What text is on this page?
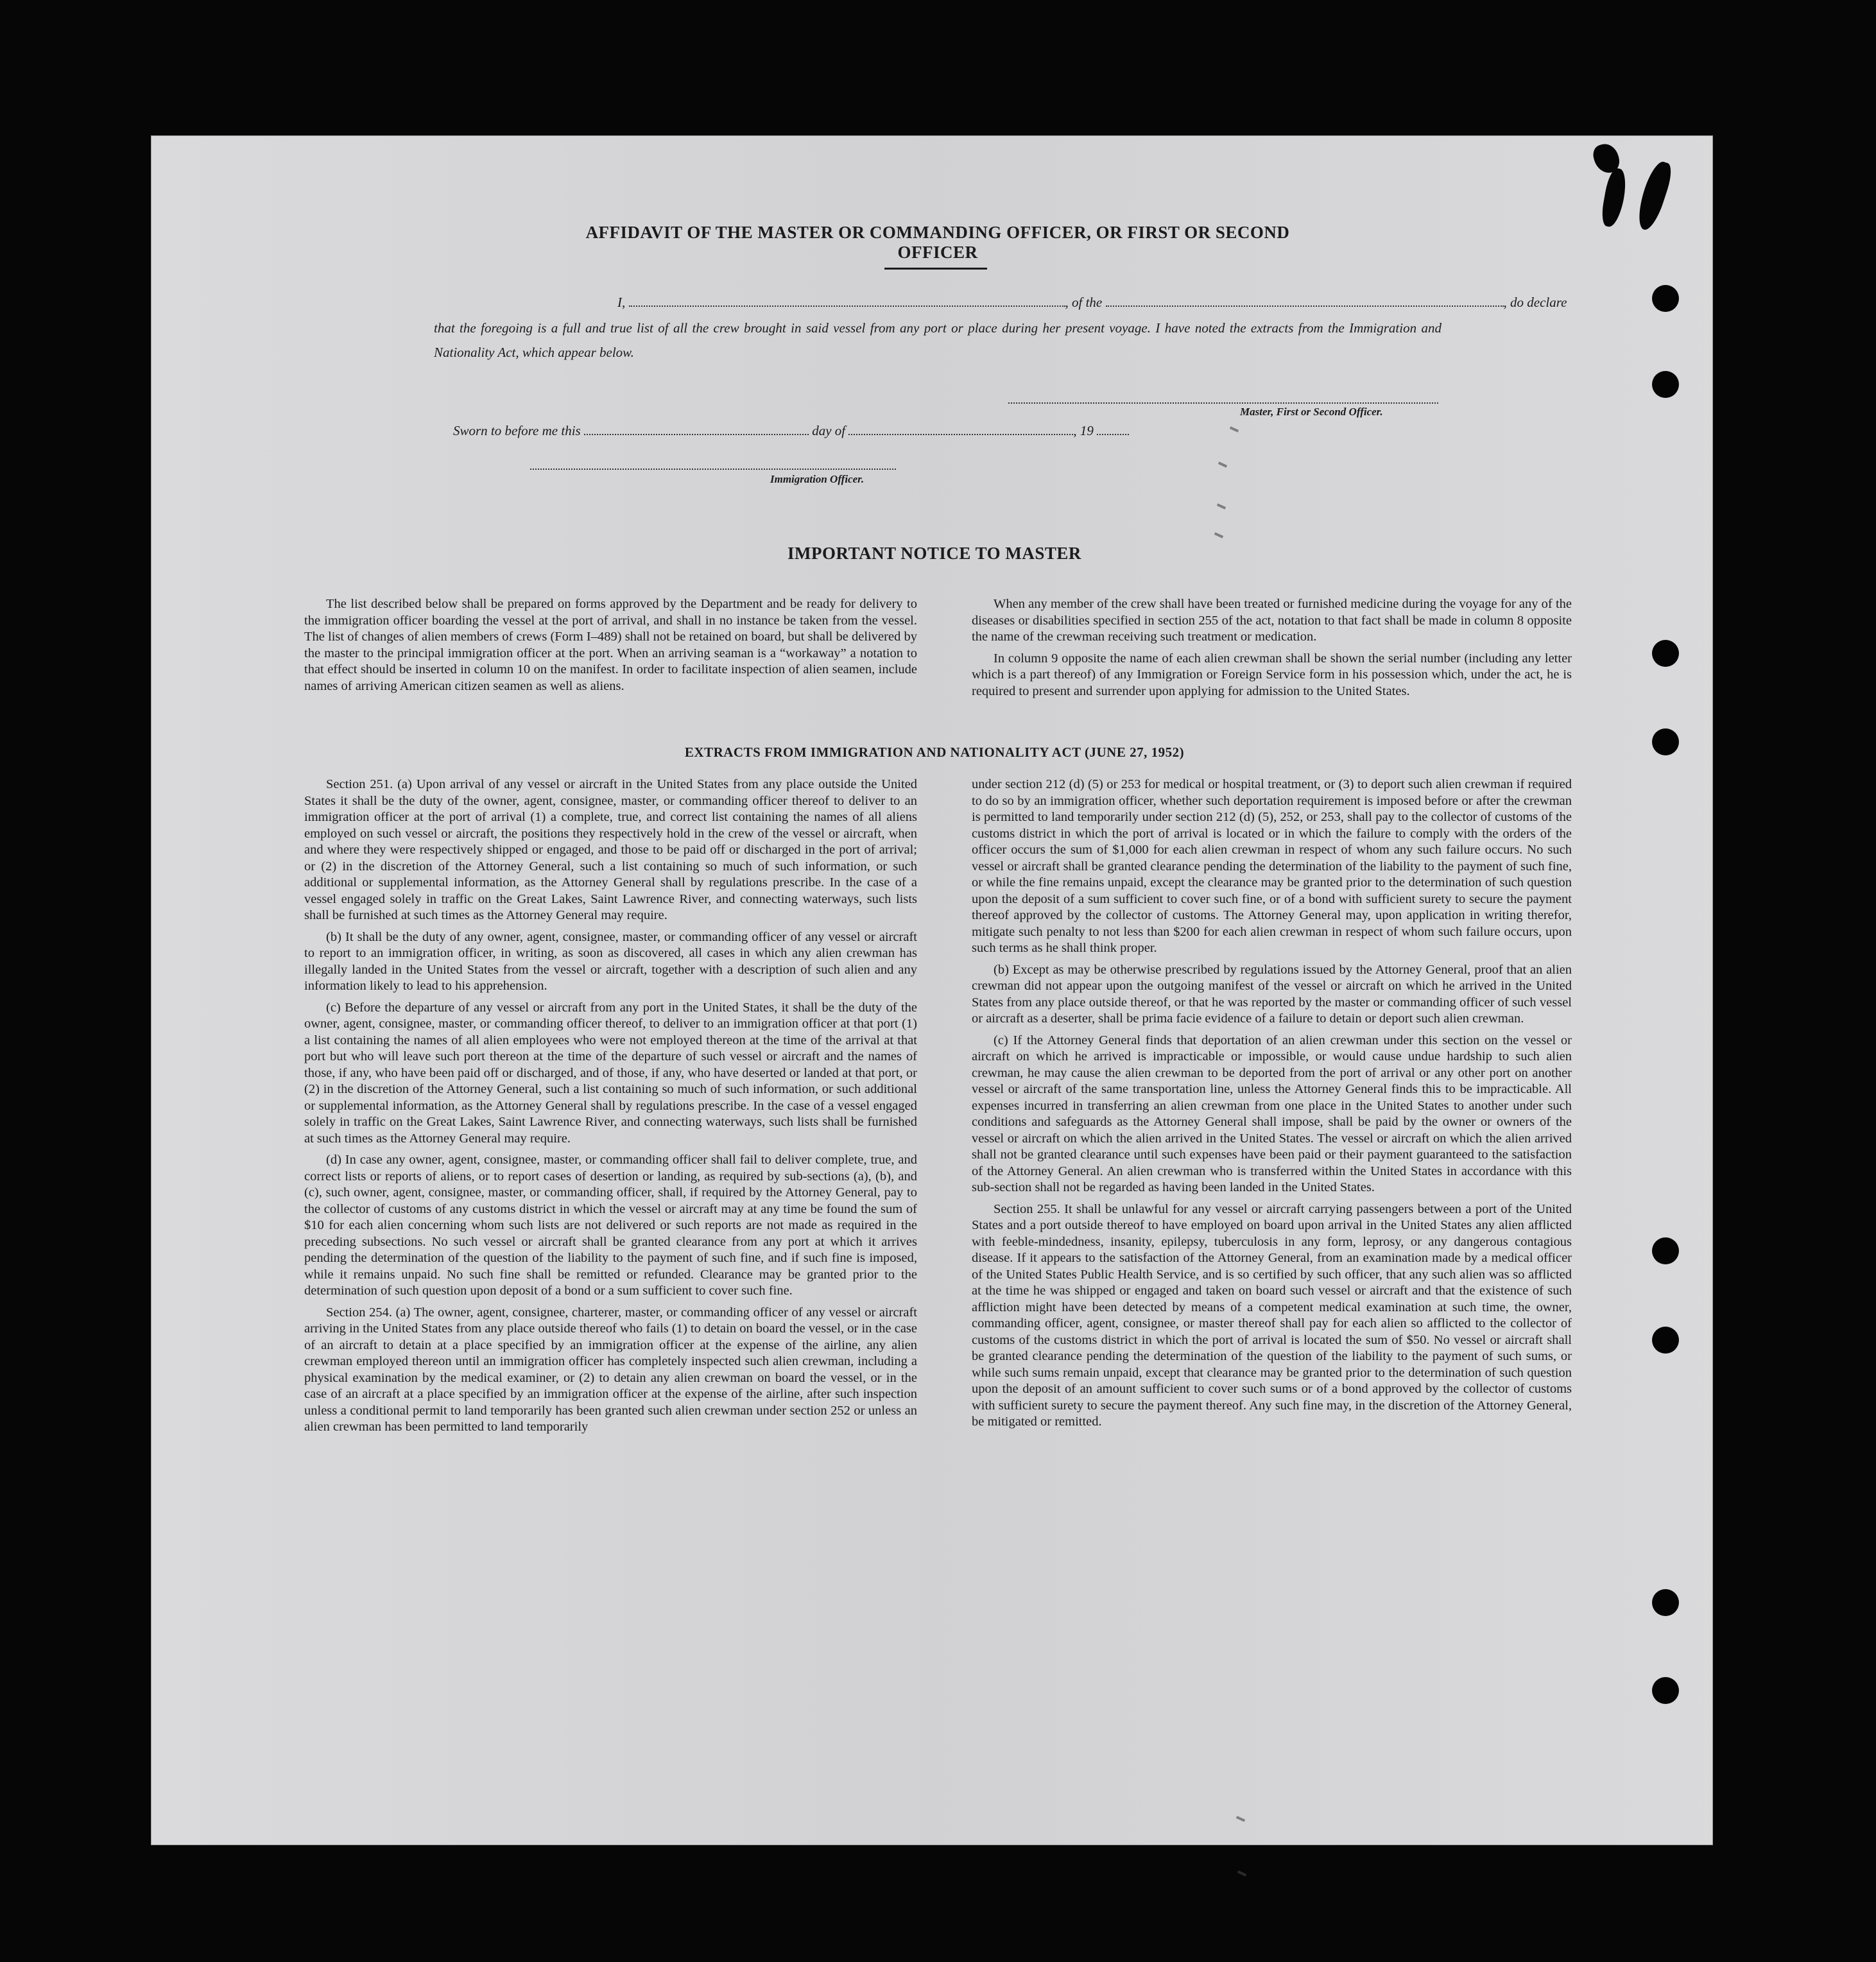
AFFIDAVIT OF THE MASTER OR COMMANDING OFFICER, OR FIRST OR SECOND OFFICER
I,	, of the	, do declare

that the foregoing is a full and true list of all the crew brought in said vessel from any port or place during her present voyage. I have noted the extracts from the Immigration and Nationality Act, which appear below.

Master, First or Second Officer.
Sworn to before me this	day of	, 19
Immigration Officer.
IMPORTANT NOTICE TO MASTER

The list described below shall be prepared on forms approved by the Department and be ready for delivery to the immigration officer boarding the vessel at the port of arrival, and shall in no instance be taken from the vessel. The list of changes of alien members of crews (Form I–489) shall not be retained on board, but shall be delivered by the master to the principal immigration officer at the port. When an arriving seaman is a “workaway” a notation to that effect should be inserted in column 10 on the manifest. In order to facilitate inspection of alien seamen, include names of arriving American citizen seamen as well as aliens.

When any member of the crew shall have been treated or furnished medicine during the voyage for any of the diseases or disabilities specified in section 255 of the act, notation to that fact shall be made in column 8 opposite the name of the crewman receiving such treatment or medication.

In column 9 opposite the name of each alien crewman shall be shown the serial number (including any letter which is a part thereof) of any Immigration or Foreign Service form in his possession which, under the act, he is required to present and surrender upon applying for admission to the United States.

EXTRACTS FROM IMMIGRATION AND NATIONALITY ACT (JUNE 27, 1952)

Section 251. (a) Upon arrival of any vessel or aircraft in the United States from any place outside the United States it shall be the duty of the owner, agent, consignee, master, or commanding officer thereof to deliver to an immigration officer at the port of arrival (1) a complete, true, and correct list containing the names of all aliens employed on such vessel or aircraft, the positions they respectively hold in the crew of the vessel or aircraft, when and where they were respectively shipped or engaged, and those to be paid off or discharged in the port of arrival; or (2) in the discretion of the Attorney General, such a list containing so much of such information, or such additional or supplemental information, as the Attorney General shall by regulations prescribe. In the case of a vessel engaged solely in traffic on the Great Lakes, Saint Lawrence River, and connecting waterways, such lists shall be furnished at such times as the Attorney General may require.

(b) It shall be the duty of any owner, agent, consignee, master, or commanding officer of any vessel or aircraft to report to an immigration officer, in writing, as soon as discovered, all cases in which any alien crewman has illegally landed in the United States from the vessel or aircraft, together with a description of such alien and any information likely to lead to his apprehension.

(c) Before the departure of any vessel or aircraft from any port in the United States, it shall be the duty of the owner, agent, consignee, master, or commanding officer thereof, to deliver to an immigration officer at that port (1) a list containing the names of all alien employees who were not employed thereon at the time of the arrival at that port but who will leave such port thereon at the time of the departure of such vessel or aircraft and the names of those, if any, who have been paid off or discharged, and of those, if any, who have deserted or landed at that port, or (2) in the discretion of the Attorney General, such a list containing so much of such information, or such additional or supplemental information, as the Attorney General shall by regulations prescribe. In the case of a vessel engaged solely in traffic on the Great Lakes, Saint Lawrence River, and connecting waterways, such lists shall be furnished at such times as the Attorney General may require.

(d) In case any owner, agent, consignee, master, or commanding officer shall fail to deliver complete, true, and correct lists or reports of aliens, or to report cases of desertion or landing, as required by sub-sections (a), (b), and (c), such owner, agent, consignee, master, or commanding officer, shall, if required by the Attorney General, pay to the collector of customs of any customs district in which the vessel or aircraft may at any time be found the sum of $10 for each alien concerning whom such lists are not delivered or such reports are not made as required in the preceding subsections. No such vessel or aircraft shall be granted clearance from any port at which it arrives pending the determination of the question of the liability to the payment of such fine, and if such fine is imposed, while it remains unpaid. No such fine shall be remitted or refunded. Clearance may be granted prior to the determination of such question upon deposit of a bond or a sum sufficient to cover such fine.

Section 254. (a) The owner, agent, consignee, charterer, master, or commanding officer of any vessel or aircraft arriving in the United States from any place outside thereof who fails (1) to detain on board the vessel, or in the case of an aircraft to detain at a place specified by an immigration officer at the expense of the airline, any alien crewman employed thereon until an immigration officer has completely inspected such alien crewman, including a physical examination by the medical examiner, or (2) to detain any alien crewman on board the vessel, or in the case of an aircraft at a place specified by an immigration officer at the expense of the airline, after such inspection unless a conditional permit to land temporarily has been granted such alien crewman under section 252 or unless an alien crewman has been permitted to land temporarily

under section 212 (d) (5) or 253 for medical or hospital treatment, or (3) to deport such alien crewman if required to do so by an immigration officer, whether such deportation requirement is imposed before or after the crewman is permitted to land temporarily under section 212 (d) (5), 252, or 253, shall pay to the collector of customs of the customs district in which the port of arrival is located or in which the failure to comply with the orders of the officer occurs the sum of $1,000 for each alien crewman in respect of whom any such failure occurs. No such vessel or aircraft shall be granted clearance pending the determination of the liability to the payment of such fine, or while the fine remains unpaid, except the clearance may be granted prior to the determination of such question upon the deposit of a sum sufficient to cover such fine, or of a bond with sufficient surety to secure the payment thereof approved by the collector of customs. The Attorney General may, upon application in writing therefor, mitigate such penalty to not less than $200 for each alien crewman in respect of whom such failure occurs, upon such terms as he shall think proper.

(b) Except as may be otherwise prescribed by regulations issued by the Attorney General, proof that an alien crewman did not appear upon the outgoing manifest of the vessel or aircraft on which he arrived in the United States from any place outside thereof, or that he was reported by the master or commanding officer of such vessel or aircraft as a deserter, shall be prima facie evidence of a failure to detain or deport such alien crewman.

(c) If the Attorney General finds that deportation of an alien crewman under this section on the vessel or aircraft on which he arrived is impracticable or impossible, or would cause undue hardship to such alien crewman, he may cause the alien crewman to be deported from the port of arrival or any other port on another vessel or aircraft of the same transportation line, unless the Attorney General finds this to be impracticable. All expenses incurred in transferring an alien crewman from one place in the United States to another under such conditions and safeguards as the Attorney General shall impose, shall be paid by the owner or owners of the vessel or aircraft on which the alien arrived in the United States. The vessel or aircraft on which the alien arrived shall not be granted clearance until such expenses have been paid or their payment guaranteed to the satisfaction of the Attorney General. An alien crewman who is transferred within the United States in accordance with this sub-section shall not be regarded as having been landed in the United States.

Section 255. It shall be unlawful for any vessel or aircraft carrying passengers between a port of the United States and a port outside thereof to have employed on board upon arrival in the United States any alien afflicted with feeble-mindedness, insanity, epilepsy, tuberculosis in any form, leprosy, or any dangerous contagious disease. If it appears to the satisfaction of the Attorney General, from an examination made by a medical officer of the United States Public Health Service, and is so certified by such officer, that any such alien was so afflicted at the time he was shipped or engaged and taken on board such vessel or aircraft and that the existence of such affliction might have been detected by means of a competent medical examination at such time, the owner, commanding officer, agent, consignee, or master thereof shall pay for each alien so afflicted to the collector of customs of the customs district in which the port of arrival is located the sum of $50. No vessel or aircraft shall be granted clearance pending the determination of the question of the liability to the payment of such sums, or while such sums remain unpaid, except that clearance may be granted prior to the determination of such question upon the deposit of an amount sufficient to cover such sums or of a bond approved by the collector of customs with sufficient surety to secure the payment thereof. Any such fine may, in the discretion of the Attorney General, be mitigated or remitted.
